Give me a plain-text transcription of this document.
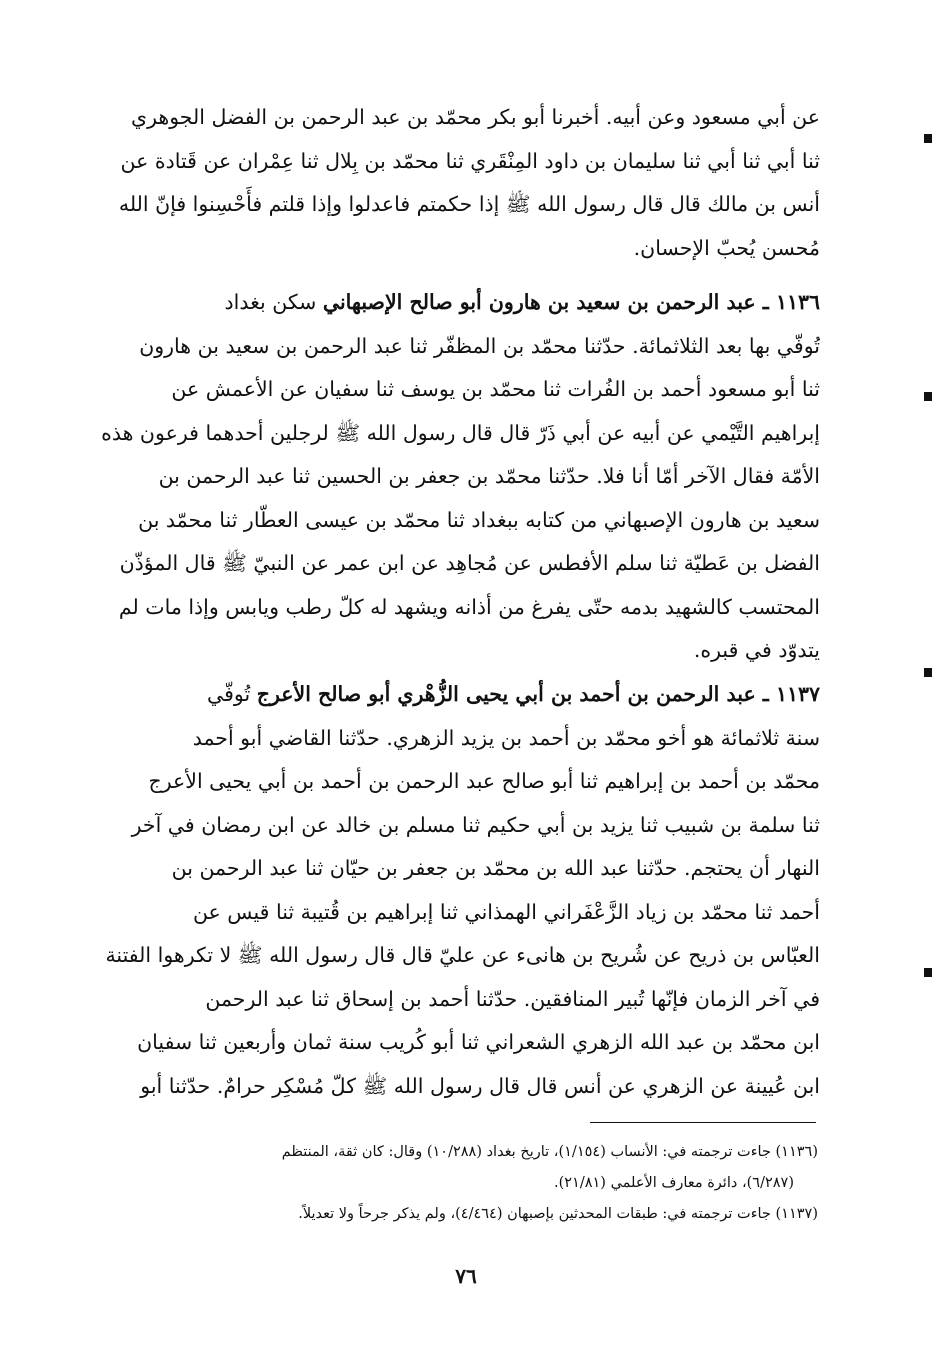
عن أبي مسعود وعن أبيه. أخبرنا أبو بكر محمّد بن عبد الرحمن بن الفضل الجوهري
ثنا أبي ثنا أبي ثنا سليمان بن داود المِنْقَري ثنا محمّد بن بِلال ثنا عِمْران عن قَتادة عن
أنس بن مالك قال قال رسول الله ﷺ إذا حكمتم فاعدلوا وإذا قلتم فأَحْسِنوا فإنّ الله
مُحسن يُحبّ الإحسان.
١١٣٦ ـ عبد الرحمن بن سعيد بن هارون أبو صالح الإصبهاني سكن بغداد
تُوفّي بها بعد الثلاثمائة. حدّثنا محمّد بن المظفّر ثنا عبد الرحمن بن سعيد بن هارون
ثنا أبو مسعود أحمد بن الفُرات ثنا محمّد بن يوسف ثنا سفيان عن الأعمش عن
إبراهيم التَّيْمي عن أبيه عن أبي ذَرّ قال قال رسول الله ﷺ لرجلين أحدهما فرعون هذه
الأمّة فقال الآخر أمّا أنا فلا. حدّثنا محمّد بن جعفر بن الحسين ثنا عبد الرحمن بن
سعيد بن هارون الإصبهاني من كتابه ببغداد ثنا محمّد بن عيسى العطّار ثنا محمّد بن
الفضل بن عَطيّة ثنا سلم الأفطس عن مُجاهِد عن ابن عمر عن النبيّ ﷺ قال المؤذّن
المحتسب كالشهيد بدمه حتّى يفرغ من أذانه ويشهد له كلّ رطب ويابس وإذا مات لم
يتدوّد في قبره.
١١٣٧ ـ عبد الرحمن بن أحمد بن أبي يحيى الزُّهْري أبو صالح الأعرج تُوفّي
سنة ثلاثمائة هو أخو محمّد بن أحمد بن يزيد الزهري. حدّثنا القاضي أبو أحمد
محمّد بن أحمد بن إبراهيم ثنا أبو صالح عبد الرحمن بن أحمد بن أبي يحيى الأعرج
ثنا سلمة بن شبيب ثنا يزيد بن أبي حكيم ثنا مسلم بن خالد عن ابن رمضان في آخر
النهار أن يحتجم. حدّثنا عبد الله بن محمّد بن جعفر بن حيّان ثنا عبد الرحمن بن
أحمد ثنا محمّد بن زياد الزَّعْفَراني الهمذاني ثنا إبراهيم بن قُتيبة ثنا قيس عن
العبّاس بن ذريح عن شُريح بن هانىء عن عليّ قال قال رسول الله ﷺ لا تكرهوا الفتنة
في آخر الزمان فإنّها تُبير المنافقين. حدّثنا أحمد بن إسحاق ثنا عبد الرحمن
ابن محمّد بن عبد الله الزهري الشعراني ثنا أبو كُريب سنة ثمان وأربعين ثنا سفيان
ابن عُيينة عن الزهري عن أنس قال قال رسول الله ﷺ كلّ مُسْكِر حرامٌ. حدّثنا أبو
(١١٣٦) جاءت ترجمته في: الأنساب (١/١٥٤)، تاريخ بغداد (١٠/٢٨٨) وقال: كان ثقة، المنتظم
(٦/٢٨٧)، دائرة معارف الأعلمي (٢١/٨١).
(١١٣٧) جاءت ترجمته في: طبقات المحدثين بإصبهان (٤/٤٦٤)، ولم يذكر جرحاً ولا تعديلاً.
٧٦
